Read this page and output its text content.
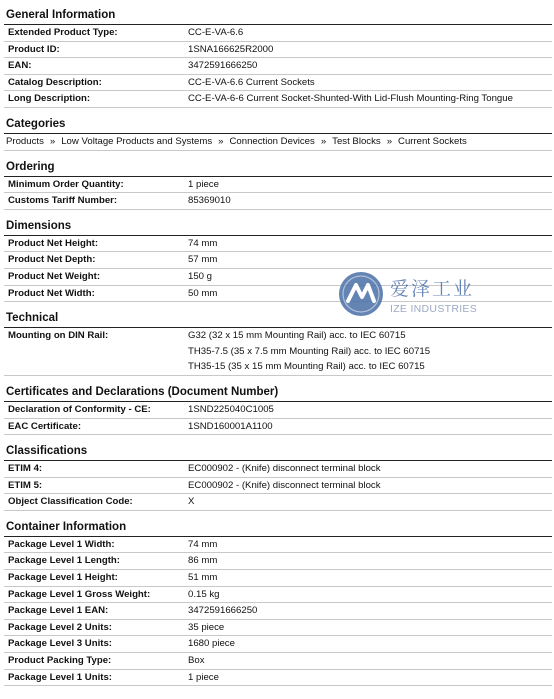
General Information
Extended Product Type:	CC-E-VA-6.6
Product ID:	1SNA166625R2000
EAN:	3472591666250
Catalog Description:	CC-E-VA-6.6 Current Sockets
Long Description:	CC-E-VA-6-6 Current Socket-Shunted-With Lid-Flush Mounting-Ring Tongue
Categories
Products » Low Voltage Products and Systems » Connection Devices » Test Blocks » Current Sockets
Ordering
Minimum Order Quantity:	1 piece
Customs Tariff Number:	85369010
Dimensions
Product Net Height:	74 mm
Product Net Depth:	57 mm
Product Net Weight:	150 g
Product Net Width:	50 mm
Technical
Mounting on DIN Rail:	G32 (32 x 15 mm Mounting Rail) acc. to IEC 60715
TH35-7.5 (35 x 7.5 mm Mounting Rail) acc. to IEC 60715
TH35-15 (35 x 15 mm Mounting Rail) acc. to IEC 60715
Certificates and Declarations (Document Number)
Declaration of Conformity - CE:	1SND225040C1005
EAC Certificate:	1SND160001A1100
Classifications
ETIM 4:	EC000902 - (Knife) disconnect terminal block
ETIM 5:	EC000902 - (Knife) disconnect terminal block
Object Classification Code:	X
Container Information
Package Level 1 Width:	74 mm
Package Level 1 Length:	86 mm
Package Level 1 Height:	51 mm
Package Level 1 Gross Weight:	0.15 kg
Package Level 1 EAN:	3472591666250
Package Level 2 Units:	35 piece
Package Level 3 Units:	1680 piece
Product Packing Type:	Box
Package Level 1 Units:	1 piece
爱泽工业
IZE INDUSTRIES
